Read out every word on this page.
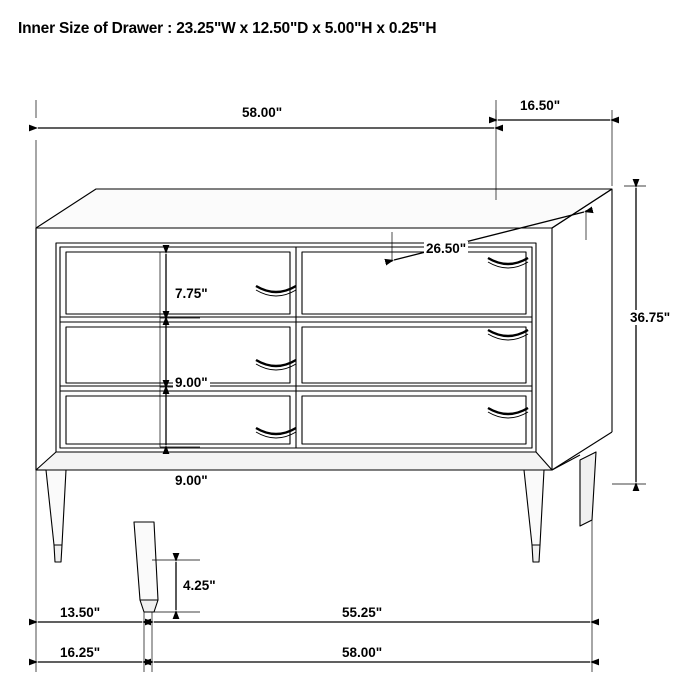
Inner Size of Drawer : 23.25"W x 12.50"D x 5.00"H x 0.25"H
58.00"	16.50"
26.50"
36.75"
7.75"
9.00"
9.00"
4.25"
13.50"	55.25"
16.25"	58.00"
